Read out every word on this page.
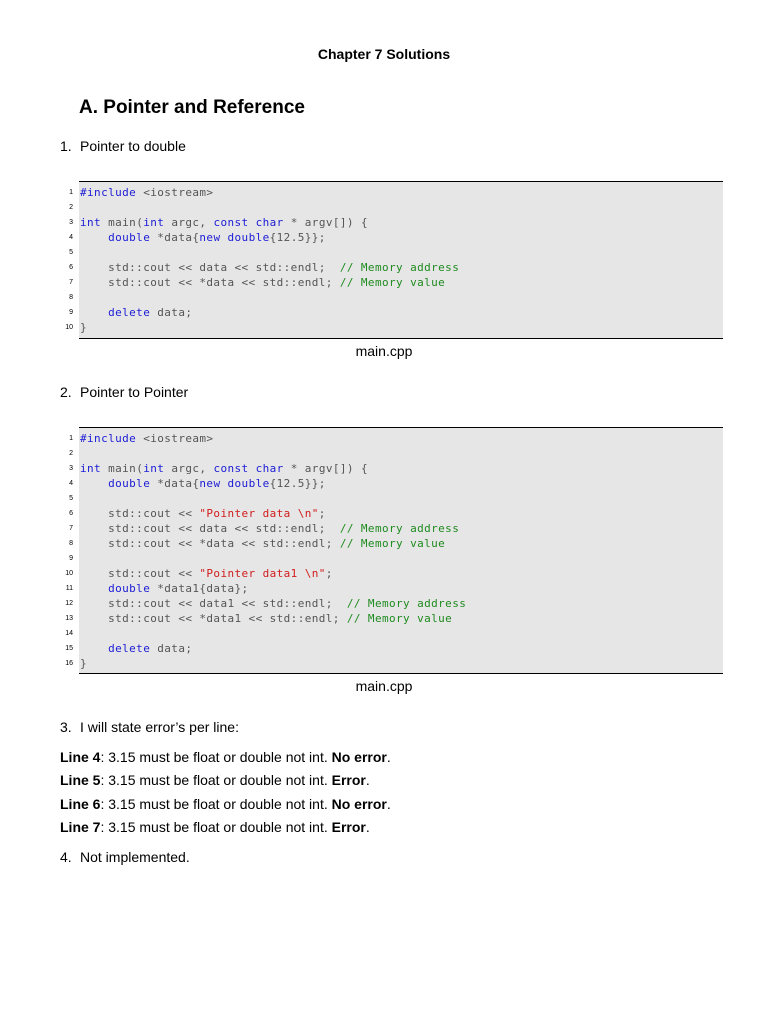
Chapter 7 Solutions
A. Pointer and Reference
1. Pointer to double
1 #include <iostream>
2
3 int main(int argc, const char * argv[]) {
4	double *data{new double{12.5}};
5
6 std::cout << data << std::endl;  // Memory address
7 std::cout << *data << std::endl; // Memory value
8
9	delete data;
10 }
main.cpp
2. Pointer to Pointer
1 #include <iostream>
2
3 int main(int argc, const char * argv[]) {
4	double *data{new double{12.5}};
5
6 std::cout << "Pointer data \n";
7 std::cout << data << std::endl;  // Memory address
8 std::cout << *data << std::endl; // Memory value
9
10 std::cout << "Pointer data1 \n";
11	double *data1{data};
12 std::cout << data1 << std::endl;  // Memory address
13 std::cout << *data1 << std::endl; // Memory value
14
15	delete data;
16 }
main.cpp
3. I will state error’s per line:
Line 4: 3.15 must be float or double not int. No error.
Line 5: 3.15 must be float or double not int. Error.
Line 6: 3.15 must be float or double not int. No error.
Line 7: 3.15 must be float or double not int. Error.
4. Not implemented.
